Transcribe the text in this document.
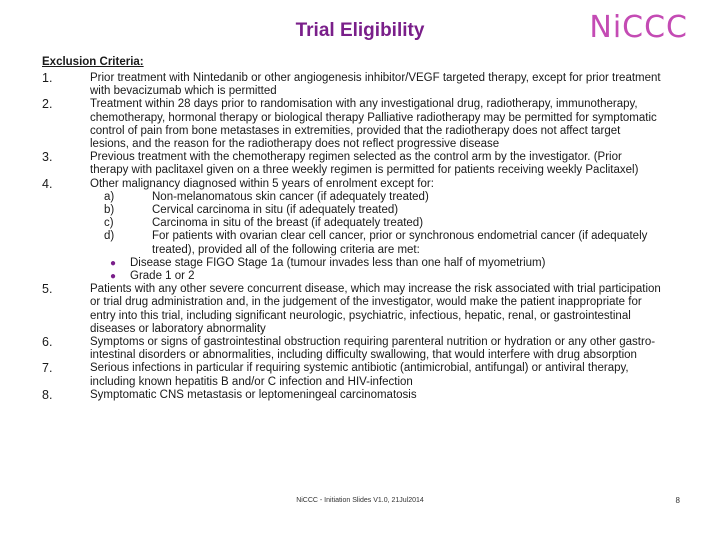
Trial Eligibility	NiCCC
Exclusion Criteria:
1.	Prior treatment with Nintedanib or other angiogenesis inhibitor/VEGF targeted therapy, except for prior treatment with bevacizumab which is permitted
2.	Treatment within 28 days prior to randomisation with any investigational drug, radiotherapy, immunotherapy, chemotherapy, hormonal therapy or biological therapy Palliative radiotherapy may be permitted for symptomatic control of pain from bone metastases in extremities, provided that the radiotherapy does not affect target lesions, and the reason for the radiotherapy does not reflect progressive disease
3.	Previous treatment with the chemotherapy regimen selected as the control arm by the investigator. (Prior therapy with paclitaxel given on a three weekly regimen is permitted for patients receiving weekly Paclitaxel)
4.	Other malignancy diagnosed within 5 years of enrolment except for:
a)	Non-melanomatous skin cancer (if adequately treated)
b)	Cervical carcinoma in situ (if adequately treated)
c)	Carcinoma in situ of the breast (if adequately treated)
d)	For patients with ovarian clear cell cancer, prior or synchronous endometrial cancer (if adequately treated), provided all of the following criteria are met:
●	Disease stage FIGO Stage 1a (tumour invades less than one half of myometrium)
●	Grade 1 or 2
5.	Patients with any other severe concurrent disease, which may increase the risk associated with trial participation or trial drug administration and, in the judgement of the investigator, would make the patient inappropriate for entry into this trial, including significant neurologic, psychiatric, infectious, hepatic, renal, or gastrointestinal diseases or laboratory abnormality
6.	Symptoms or signs of gastrointestinal obstruction requiring parenteral nutrition or hydration or any other gastro-intestinal disorders or abnormalities, including difficulty swallowing, that would interfere with drug absorption
7.	Serious infections in particular if requiring systemic antibiotic (antimicrobial, antifungal) or antiviral therapy, including known hepatitis B and/or C infection and HIV-infection
8.	Symptomatic CNS metastasis or leptomeningeal carcinomatosis
NiCCC - Initiation Slides V1.0, 21Jul2014	8
